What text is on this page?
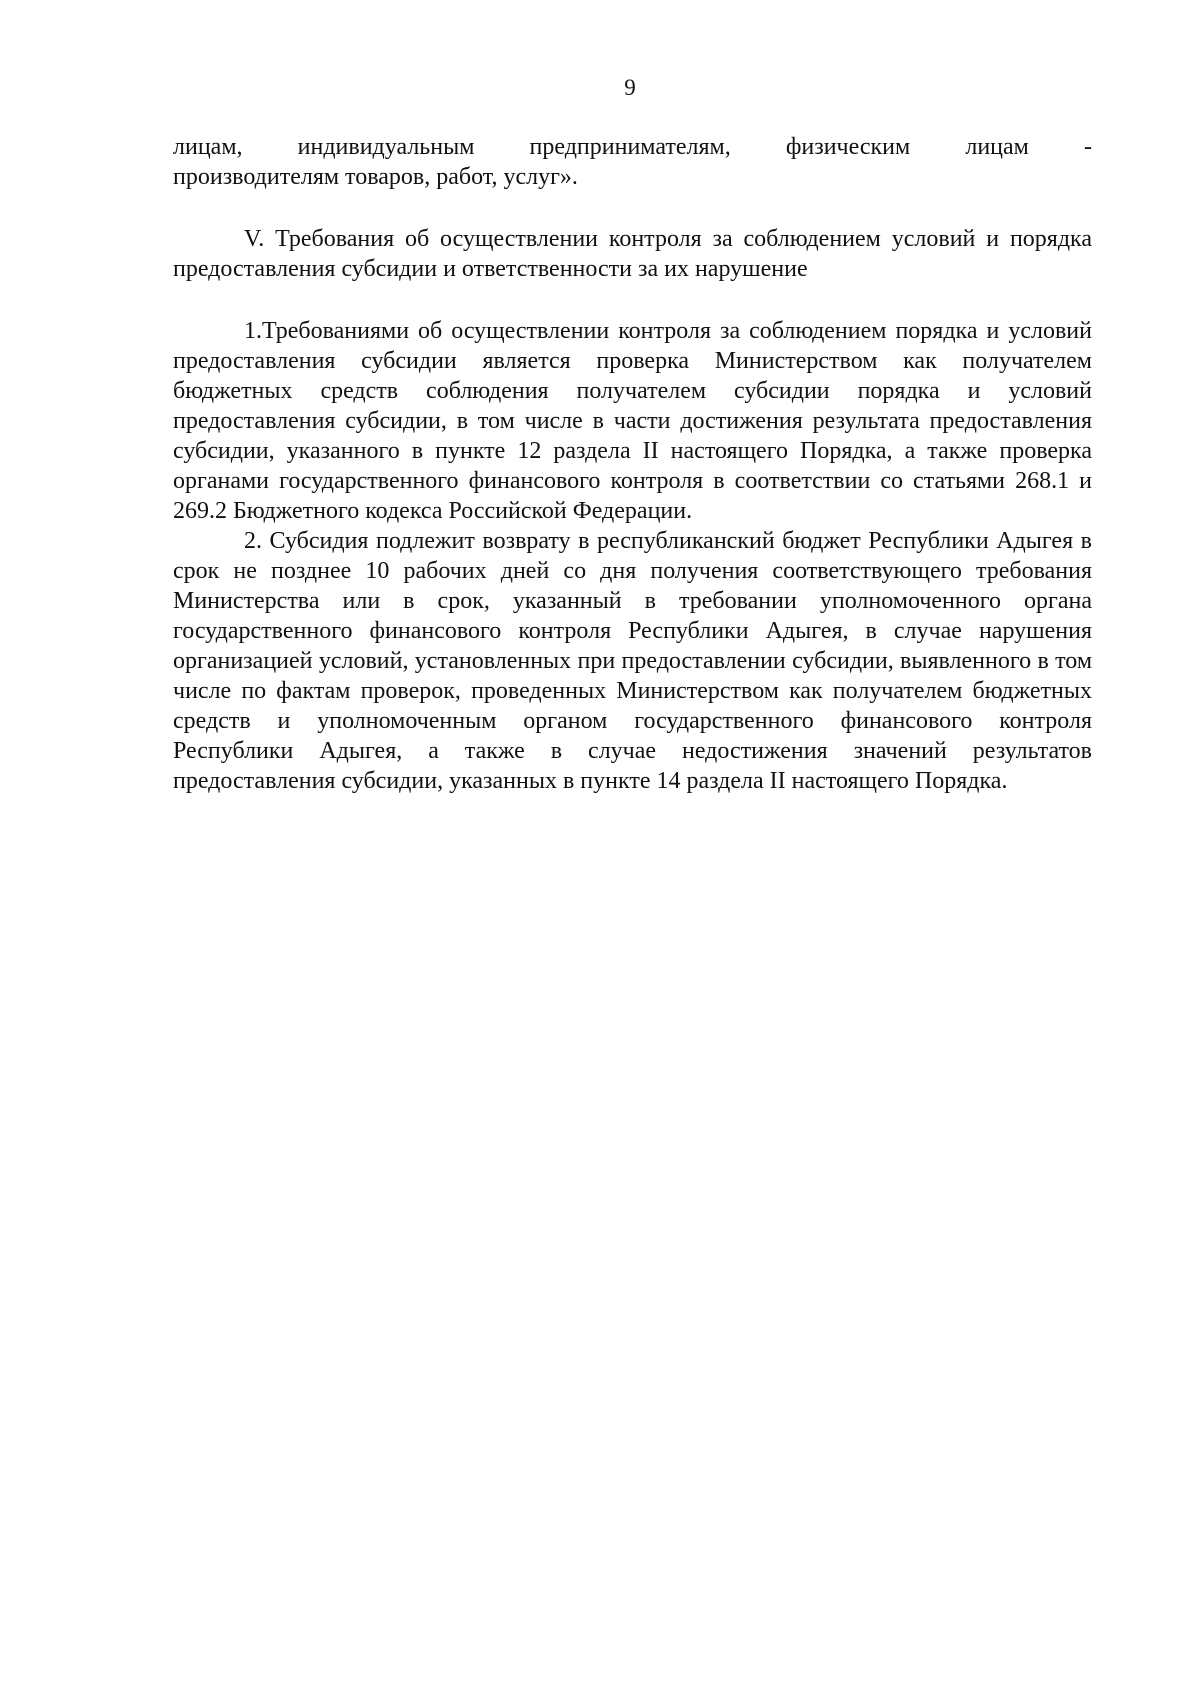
9

лицам, индивидуальным предпринимателям, физическим лицам -
производителям товаров, работ, услуг».

V. Требования об осуществлении контроля за соблюдением условий и порядка предоставления субсидии и ответственности за их нарушение

1.Требованиями об осуществлении контроля за соблюдением порядка и условий предоставления субсидии является проверка Министерством как получателем бюджетных средств соблюдения получателем субсидии порядка и условий предоставления субсидии, в том числе в части достижения результата предоставления субсидии, указанного в пункте 12 раздела II настоящего Порядка, а также проверка органами государственного финансового контроля в соответствии со статьями 268.1 и 269.2 Бюджетного кодекса Российской Федерации.

2. Субсидия подлежит возврату в республиканский бюджет Республики Адыгея в срок не позднее 10 рабочих дней со дня получения соответствующего требования Министерства или в срок, указанный в требовании уполномоченного органа государственного финансового контроля Республики Адыгея, в случае нарушения организацией условий, установленных при предоставлении субсидии, выявленного в том числе по фактам проверок, проведенных Министерством как получателем бюджетных средств и уполномоченным органом государственного финансового контроля Республики Адыгея, а также в случае недостижения значений результатов предоставления субсидии, указанных в пункте 14 раздела II настоящего Порядка.
